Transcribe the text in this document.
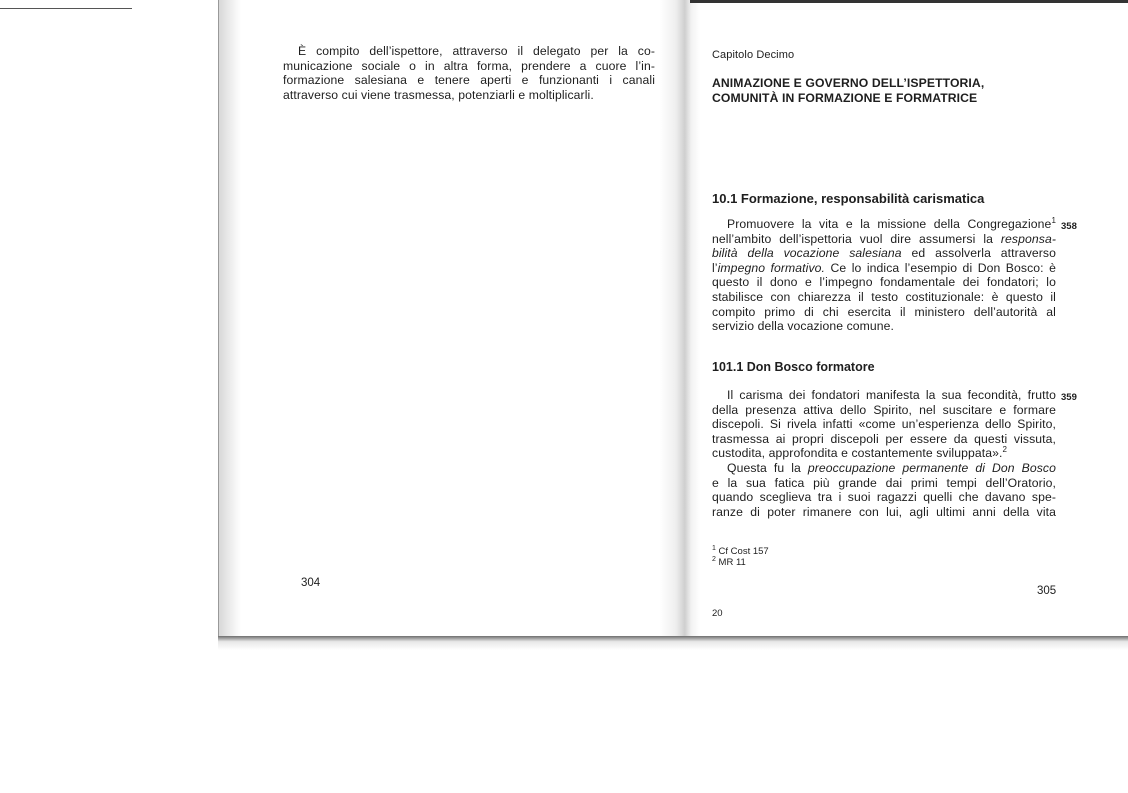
È compito dell’ispettore, attraverso il delegato per la co-
municazione sociale o in altra forma, prendere a cuore l’in-
formazione salesiana e tenere aperti e funzionanti i canali
attraverso cui viene trasmessa, potenziarli e moltiplicarli.

304
Capitolo Decimo
ANIMAZIONE E GOVERNO DELL’ISPETTORIA,
COMUNITÀ IN FORMAZIONE E FORMATRICE
10.1 Formazione, responsabilità carismatica

Promuovere la vita e la missione della Congregazione$^1$
nell’ambito dell’ispettoria vuol dire assumersi la responsa-
bilità della vocazione salesiana ed assolverla attraverso
l’impegno formativo. Ce lo indica l’esempio di Don Bosco: è
questo il dono e l’impegno fondamentale dei fondatori; lo
stabilisce con chiarezza il testo costituzionale: è questo il
compito primo di chi esercita il ministero dell’autorità al
servizio della vocazione comune.

358
101.1 Don Bosco formatore

Il carisma dei fondatori manifesta la sua fecondità, frutto
della presenza attiva dello Spirito, nel suscitare e formare
discepoli. Si rivela infatti «come un’esperienza dello Spirito,
trasmessa ai propri discepoli per essere da questi vissuta,
custodita, approfondita e costantemente sviluppata».$^2$

Questa fu la preoccupazione permanente di Don Bosco
e la sua fatica più grande dai primi tempi dell’Oratorio,
quando sceglieva tra i suoi ragazzi quelli che davano spe-
ranze di poter rimanere con lui, agli ultimi anni della vita

359
$^1$ Cf Cost 157
$^2$ MR 11
305
20
